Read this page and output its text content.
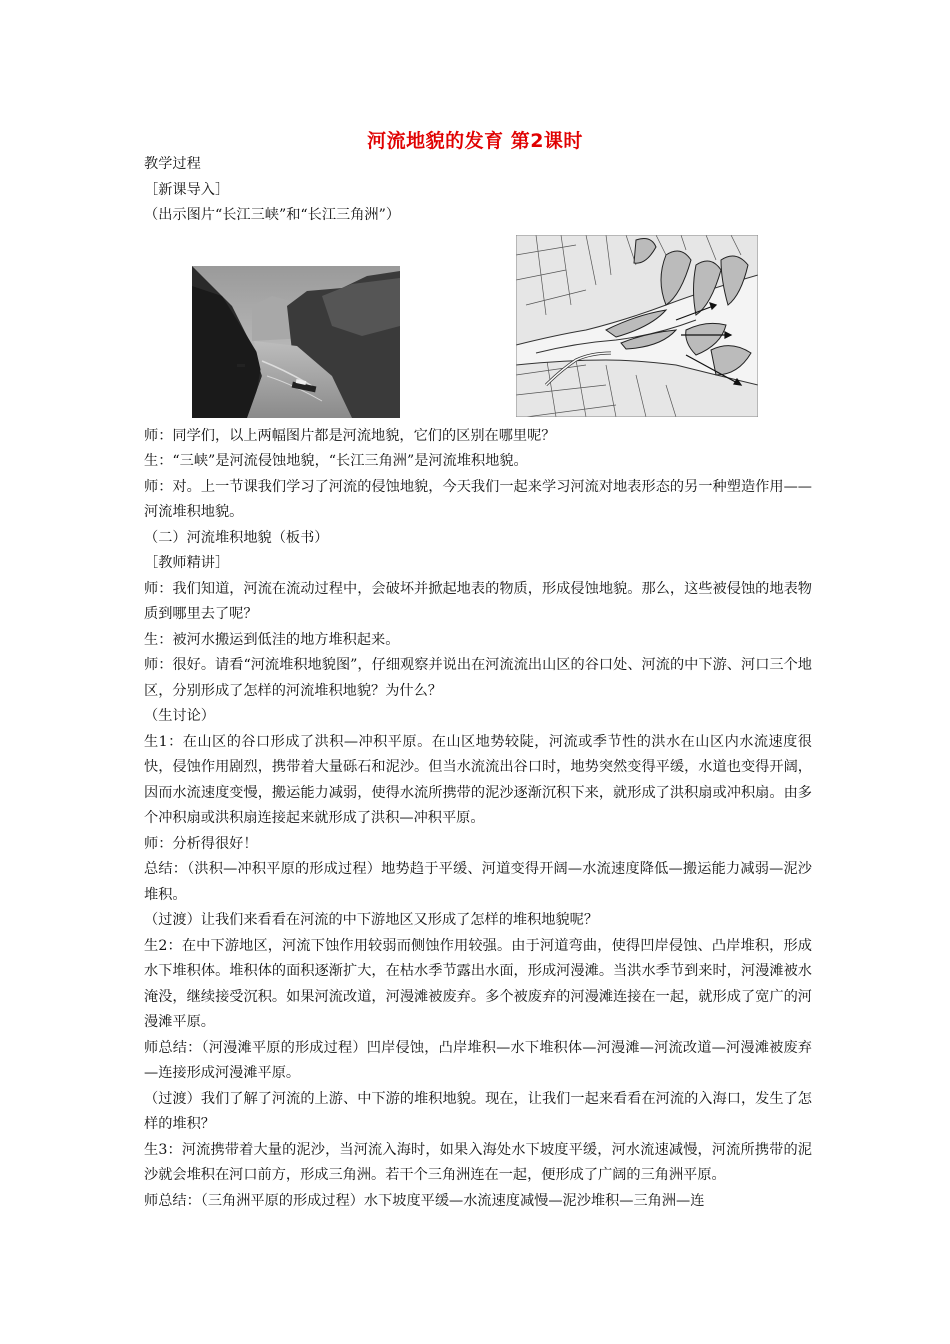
河流地貌的发育 第2课时

教学过程

［新课导入］

（出示图片“长江三峡”和“长江三角洲”）

师：同学们，以上两幅图片都是河流地貌，它们的区别在哪里呢？

生：“三峡”是河流侵蚀地貌，“长江三角洲”是河流堆积地貌。

师：对。上一节课我们学习了河流的侵蚀地貌，今天我们一起来学习河流对地表形态的另一种塑造作用——河流堆积地貌。

（二）河流堆积地貌（板书）

［教师精讲］

师：我们知道，河流在流动过程中，会破坏并掀起地表的物质，形成侵蚀地貌。那么，这些被侵蚀的地表物质到哪里去了呢？

生：被河水搬运到低洼的地方堆积起来。

师：很好。请看“河流堆积地貌图”，仔细观察并说出在河流流出山区的谷口处、河流的中下游、河口三个地区，分别形成了怎样的河流堆积地貌？为什么？

（生讨论）

生1：在山区的谷口形成了洪积—冲积平原。在山区地势较陡，河流或季节性的洪水在山区内水流速度很快，侵蚀作用剧烈，携带着大量砾石和泥沙。但当水流流出谷口时，地势突然变得平缓，水道也变得开阔，因而水流速度变慢，搬运能力减弱，使得水流所携带的泥沙逐渐沉积下来，就形成了洪积扇或冲积扇。由多个冲积扇或洪积扇连接起来就形成了洪积—冲积平原。

师：分析得很好！

总结：（洪积—冲积平原的形成过程）地势趋于平缓、河道变得开阔—水流速度降低—搬运能力减弱—泥沙堆积。

（过渡）让我们来看看在河流的中下游地区又形成了怎样的堆积地貌呢？

生2：在中下游地区，河流下蚀作用较弱而侧蚀作用较强。由于河道弯曲，使得凹岸侵蚀、凸岸堆积，形成水下堆积体。堆积体的面积逐渐扩大，在枯水季节露出水面，形成河漫滩。当洪水季节到来时，河漫滩被水淹没，继续接受沉积。如果河流改道，河漫滩被废弃。多个被废弃的河漫滩连接在一起，就形成了宽广的河漫滩平原。

师总结：（河漫滩平原的形成过程）凹岸侵蚀，凸岸堆积—水下堆积体—河漫滩—河流改道—河漫滩被废弃—连接形成河漫滩平原。

（过渡）我们了解了河流的上游、中下游的堆积地貌。现在，让我们一起来看看在河流的入海口，发生了怎样的堆积？

生3：河流携带着大量的泥沙，当河流入海时，如果入海处水下坡度平缓，河水流速减慢，河流所携带的泥沙就会堆积在河口前方，形成三角洲。若干个三角洲连在一起，便形成了广阔的三角洲平原。

师总结：（三角洲平原的形成过程）水下坡度平缓—水流速度减慢—泥沙堆积—三角洲—连
